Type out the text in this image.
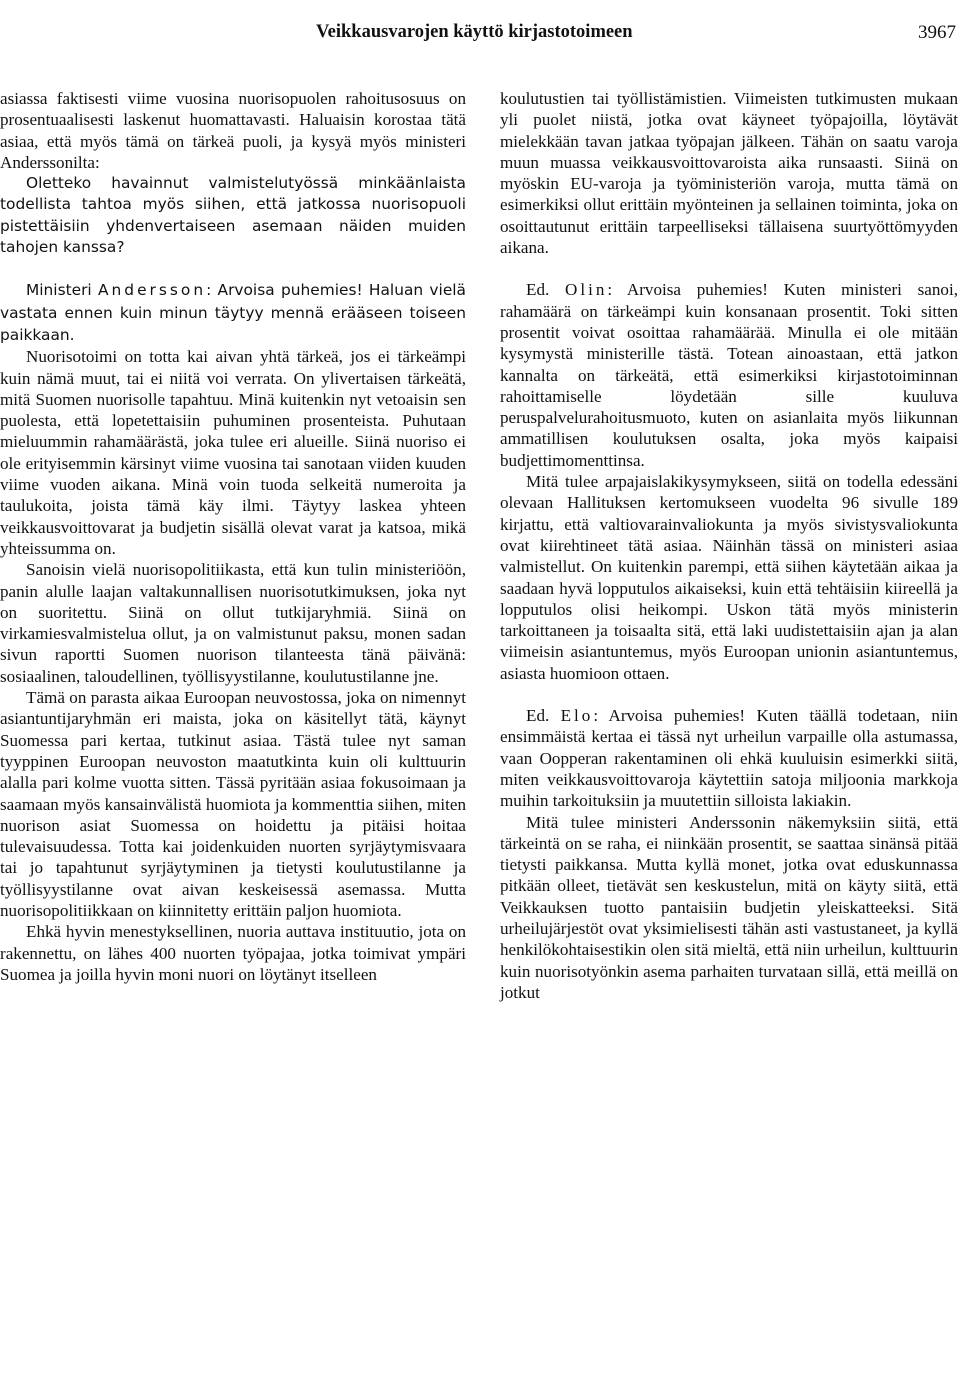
Veikkausvarojen käyttö kirjastotoimeen	3967

asiassa faktisesti viime vuosina nuorisopuolen rahoitusosuus on prosentuaalisesti laskenut huomattavasti. Haluaisin korostaa tätä asiaa, että myös tämä on tärkeä puoli, ja kysyä myös ministeri Anderssonilta:

Oletteko havainnut valmistelutyössä minkäänlaista todellista tahtoa myös siihen, että jatkossa nuorisopuoli pistettäisiin yhdenvertaiseen asemaan näiden muiden tahojen kanssa?

Ministeri Andersson: Arvoisa puhemies! Haluan vielä vastata ennen kuin minun täytyy mennä erääseen toiseen paikkaan.

Nuorisotoimi on totta kai aivan yhtä tärkeä, jos ei tärkeämpi kuin nämä muut, tai ei niitä voi verrata. On ylivertaisen tärkeätä, mitä Suomen nuorisolle tapahtuu. Minä kuitenkin nyt vetoaisin sen puolesta, että lopetettaisiin puhuminen prosenteista. Puhutaan mieluummin rahamäärästä, joka tulee eri alueille. Siinä nuoriso ei ole erityisemmin kärsinyt viime vuosina tai sanotaan viiden kuuden viime vuoden aikana. Minä voin tuoda selkeitä numeroita ja taulukoita, joista tämä käy ilmi. Täytyy laskea yhteen veikkausvoittovarat ja budjetin sisällä olevat varat ja katsoa, mikä yhteissumma on.

Sanoisin vielä nuorisopolitiikasta, että kun tulin ministeriöön, panin alulle laajan valtakunnallisen nuorisotutkimuksen, joka nyt on suoritettu. Siinä on ollut tutkijaryhmiä. Siinä on virkamiesvalmistelua ollut, ja on valmistunut paksu, monen sadan sivun raportti Suomen nuorison tilanteesta tänä päivänä: sosiaalinen, taloudellinen, työllisyystilanne, koulutustilanne jne.

Tämä on parasta aikaa Euroopan neuvostossa, joka on nimennyt asiantuntijaryhmän eri maista, joka on käsitellyt tätä, käynyt Suomessa pari kertaa, tutkinut asiaa. Tästä tulee nyt saman tyyppinen Euroopan neuvoston maatutkinta kuin oli kulttuurin alalla pari kolme vuotta sitten. Tässä pyritään asiaa fokusoimaan ja saamaan myös kansainvälistä huomiota ja kommenttia siihen, miten nuorison asiat Suomessa on hoidettu ja pitäisi hoitaa tulevaisuudessa. Totta kai joidenkuiden nuorten syrjäytymisvaara tai jo tapahtunut syrjäytyminen ja tietysti koulutustilanne ja työllisyystilanne ovat aivan keskeisessä asemassa. Mutta nuorisopolitiikkaan on kiinnitetty erittäin paljon huomiota.

Ehkä hyvin menestyksellinen, nuoria auttava instituutio, jota on rakennettu, on lähes 400 nuorten työpajaa, jotka toimivat ympäri Suomea ja joilla hyvin moni nuori on löytänyt itselleen

koulutustien tai työllistämistien. Viimeisten tutkimusten mukaan yli puolet niistä, jotka ovat käyneet työpajoilla, löytävät mielekkään tavan jatkaa työpajan jälkeen. Tähän on saatu varoja muun muassa veikkausvoittovaroista aika runsaasti. Siinä on myöskin EU-varoja ja työministeriön varoja, mutta tämä on esimerkiksi ollut erittäin myönteinen ja sellainen toiminta, joka on osoittautunut erittäin tarpeelliseksi tällaisena suurtyöttömyyden aikana.

Ed. Olin: Arvoisa puhemies! Kuten ministeri sanoi, rahamäärä on tärkeämpi kuin konsanaan prosentit. Toki sitten prosentit voivat osoittaa rahamäärää. Minulla ei ole mitään kysymystä ministerille tästä. Totean ainoastaan, että jatkon kannalta on tärkeätä, että esimerkiksi kirjastotoiminnan rahoittamiselle löydetään sille kuuluva peruspalvelurahoitusmuoto, kuten on asianlaita myös liikunnan ammatillisen koulutuksen osalta, joka myös kaipaisi budjettimomenttinsa.

Mitä tulee arpajaislakikysymykseen, siitä on todella edessäni olevaan Hallituksen kertomukseen vuodelta 96 sivulle 189 kirjattu, että valtiovarainvaliokunta ja myös sivistysvaliokunta ovat kiirehtineet tätä asiaa. Näinhän tässä on ministeri asiaa valmistellut. On kuitenkin parempi, että siihen käytetään aikaa ja saadaan hyvä lopputulos aikaiseksi, kuin että tehtäisiin kiireellä ja lopputulos olisi heikompi. Uskon tätä myös ministerin tarkoittaneen ja toisaalta sitä, että laki uudistettaisiin ajan ja alan viimeisin asiantuntemus, myös Euroopan unionin asiantuntemus, asiasta huomioon ottaen.

Ed. Elo: Arvoisa puhemies! Kuten täällä todetaan, niin ensimmäistä kertaa ei tässä nyt urheilun varpaille olla astumassa, vaan Oopperan rakentaminen oli ehkä kuuluisin esimerkki siitä, miten veikkausvoittovaroja käytettiin satoja miljoonia markkoja muihin tarkoituksiin ja muutettiin silloista lakiakin.

Mitä tulee ministeri Anderssonin näkemyksiin siitä, että tärkeintä on se raha, ei niinkään prosentit, se saattaa sinänsä pitää tietysti paikkansa. Mutta kyllä monet, jotka ovat eduskunnassa pitkään olleet, tietävät sen keskustelun, mitä on käyty siitä, että Veikkauksen tuotto pantaisiin budjetin yleiskatteeksi. Sitä urheilujärjestöt ovat yksimielisesti tähän asti vastustaneet, ja kyllä henkilökohtaisestikin olen sitä mieltä, että niin urheilun, kulttuurin kuin nuorisotyönkin asema parhaiten turvataan sillä, että meillä on jotkut
